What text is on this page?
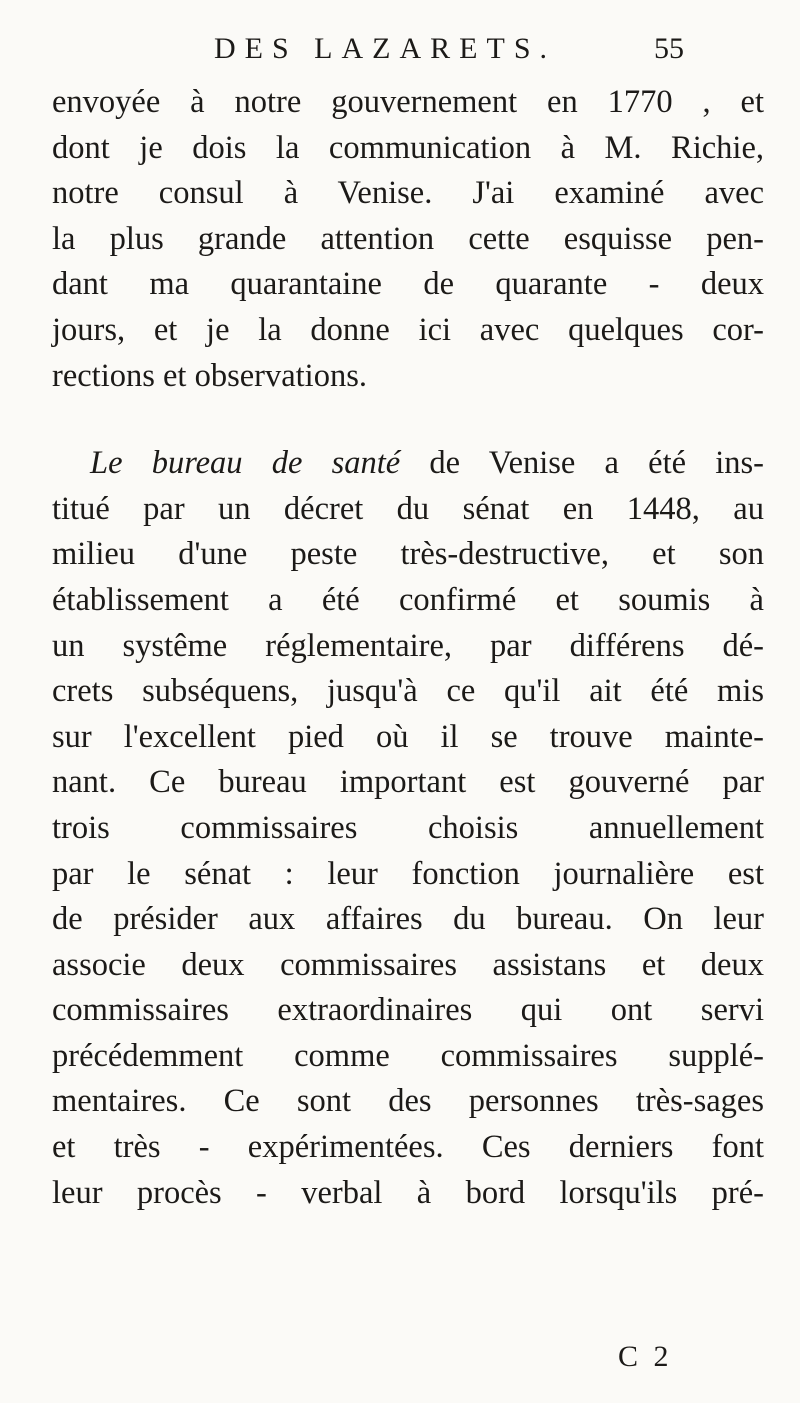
DES LAZARETS.	55
envoyée à notre gouvernement en 1770 , et
dont je dois la communication à M. Richie,
notre consul à Venise. J'ai examiné avec
la plus grande attention cette esquisse pen-
dant ma quarantaine de quarante - deux
jours, et je la donne ici avec quelques cor-
rections et observations.
Le bureau de santé de Venise a été ins-
titué par un décret du sénat en 1448, au
milieu d'une peste très-destructive, et son
établissement a été confirmé et soumis à
un systême réglementaire, par différens dé-
crets subséquens, jusqu'à ce qu'il ait été mis
sur l'excellent pied où il se trouve mainte-
nant. Ce bureau important est gouverné par
trois commissaires choisis annuellement
par le sénat : leur fonction journalière est
de présider aux affaires du bureau. On leur
associe deux commissaires assistans et deux
commissaires extraordinaires qui ont servi
précédemment comme commissaires supplé-
mentaires. Ce sont des personnes très-sages
et très - expérimentées. Ces derniers font
leur procès - verbal à bord lorsqu'ils pré-
C 2
